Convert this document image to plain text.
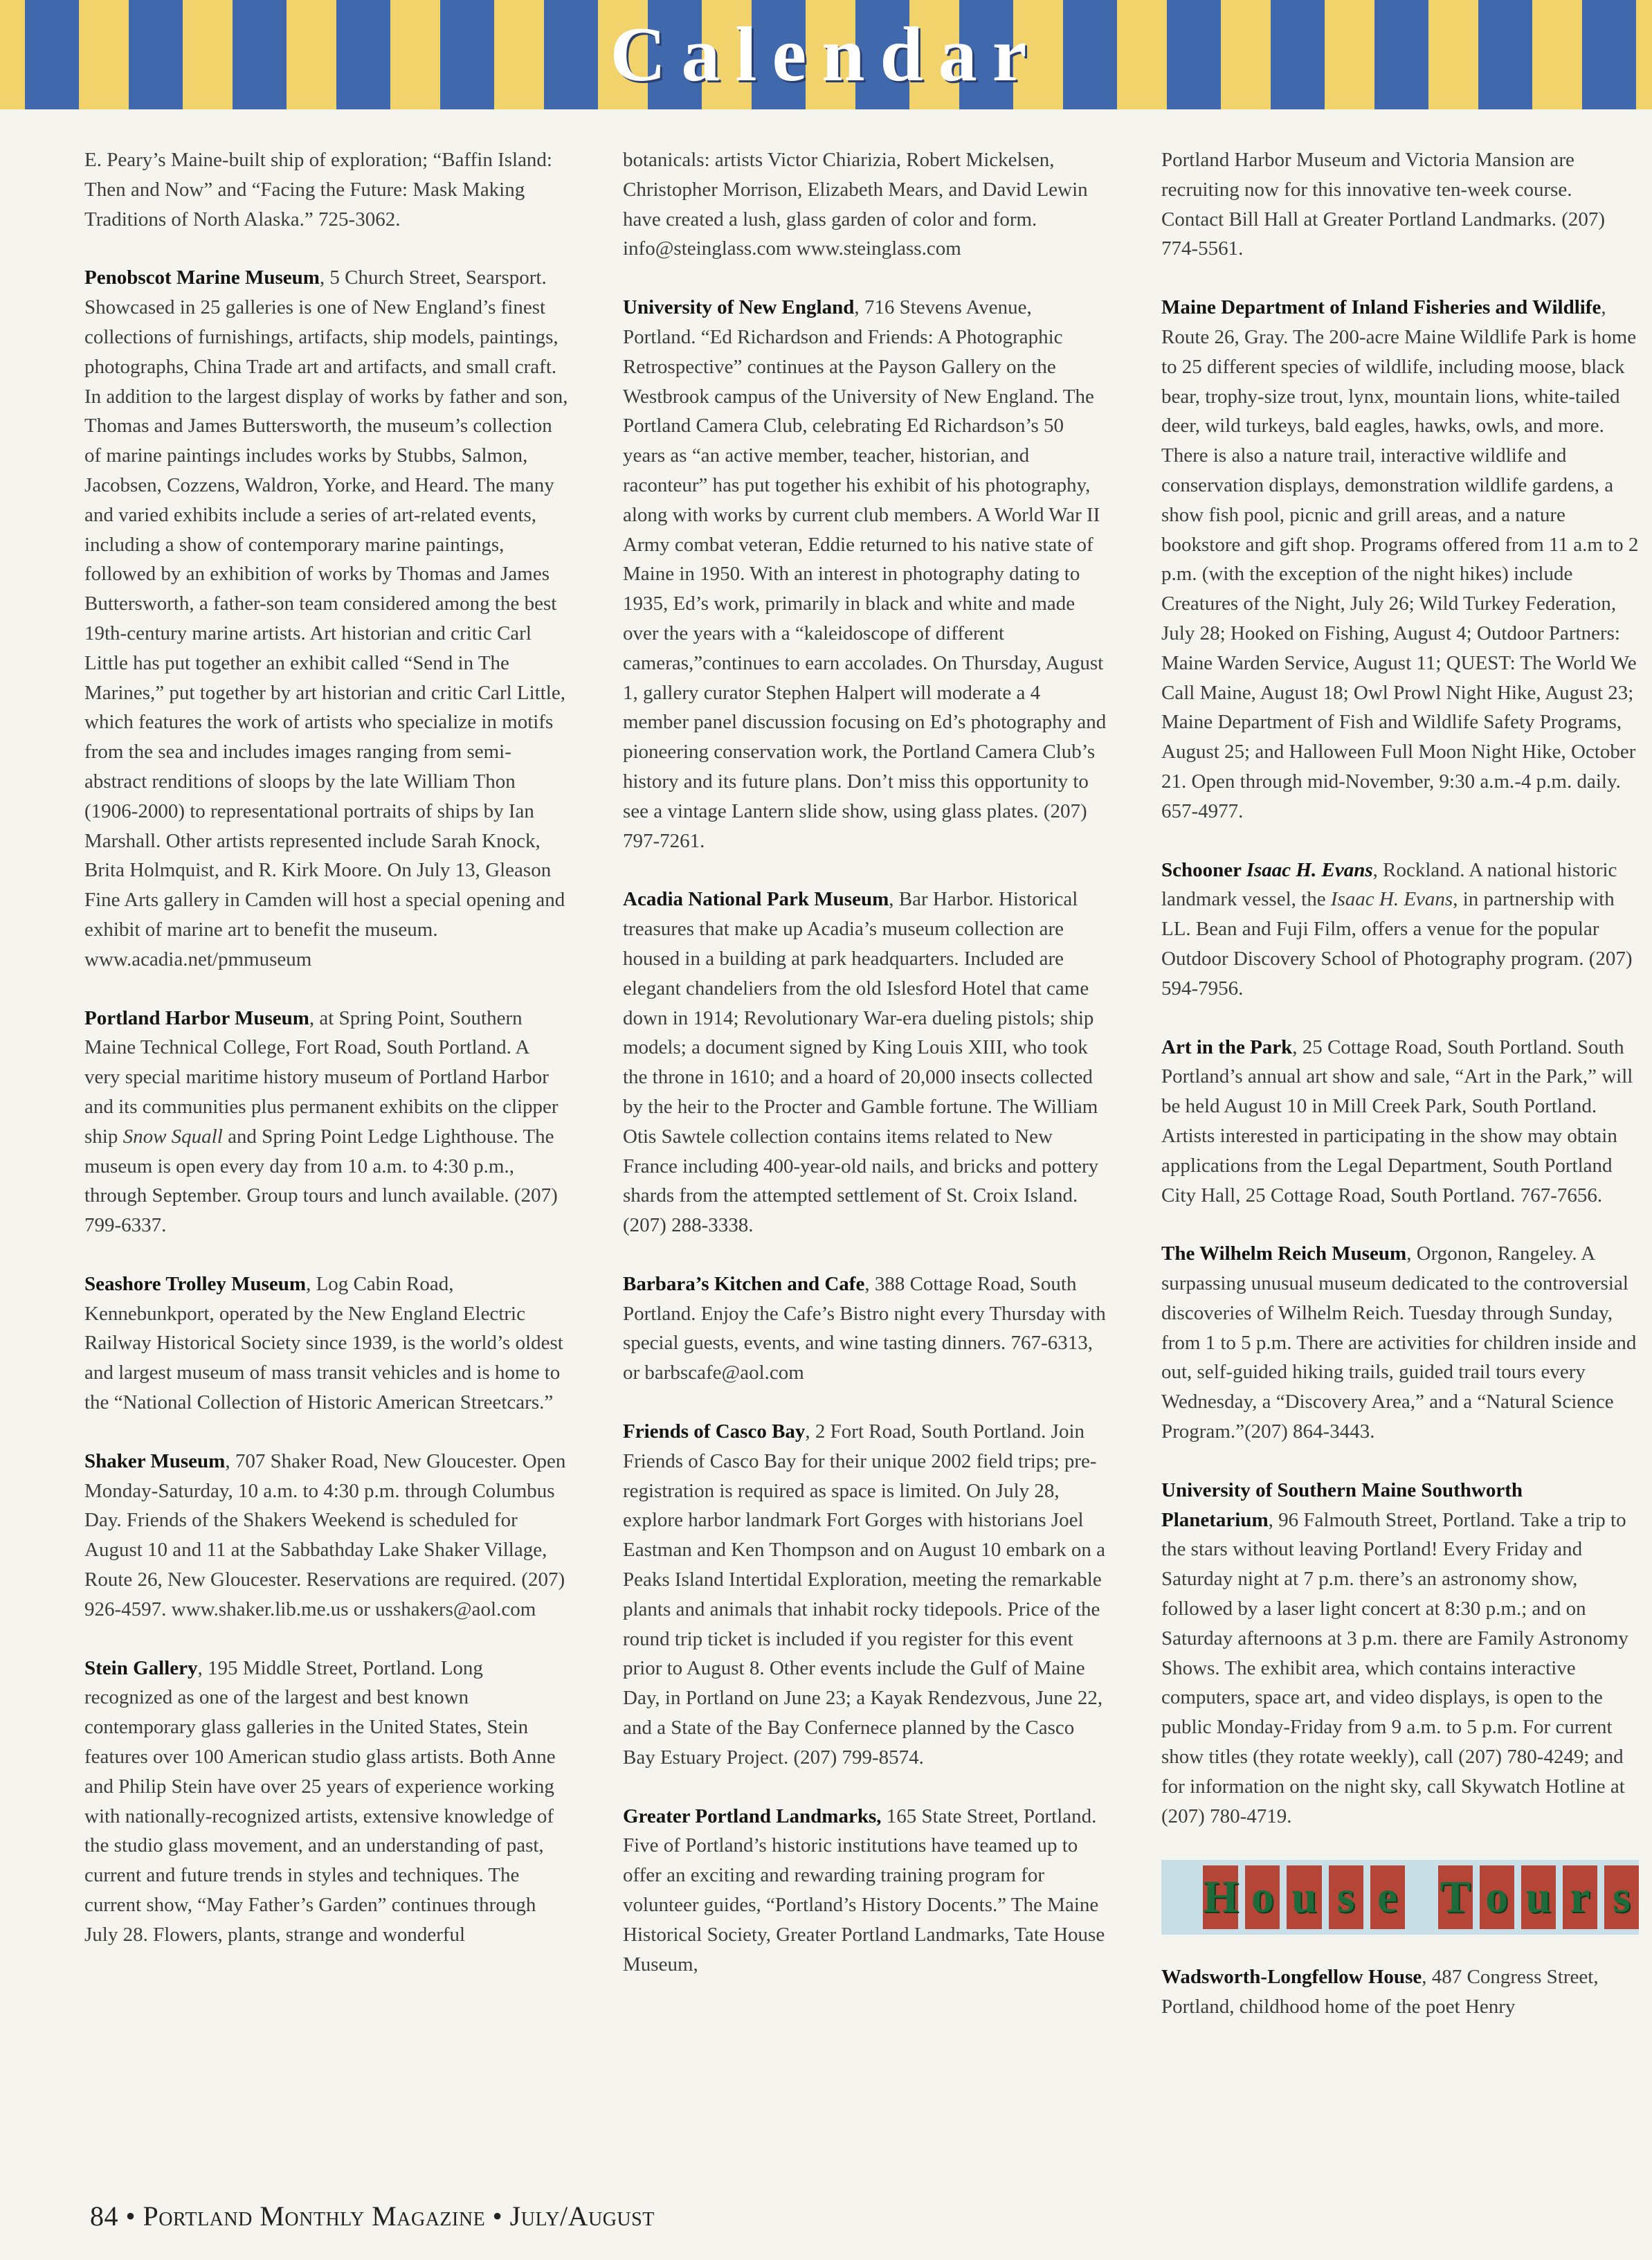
Calendar

E. Peary’s Maine-built ship of exploration; “Baffin Island: Then and Now” and “Facing the Future: Mask Making Traditions of North Alaska.” 725-3062.

Penobscot Marine Museum, 5 Church Street, Searsport. Showcased in 25 galleries is one of New England’s finest collections of furnishings, artifacts, ship models, paintings, photographs, China Trade art and artifacts, and small craft. In addition to the largest display of works by father and son, Thomas and James Buttersworth, the museum’s collection of marine paintings includes works by Stubbs, Salmon, Jacobsen, Cozzens, Waldron, Yorke, and Heard. The many and varied exhibits include a series of art-related events, including a show of contemporary marine paintings, followed by an exhibition of works by Thomas and James Buttersworth, a father-son team considered among the best 19th-century marine artists. Art historian and critic Carl Little has put together an exhibit called “Send in The Marines,” put together by art historian and critic Carl Little, which features the work of artists who specialize in motifs from the sea and includes images ranging from semi-abstract renditions of sloops by the late William Thon (1906-2000) to representational portraits of ships by Ian Marshall. Other artists represented include Sarah Knock, Brita Holmquist, and R. Kirk Moore. On July 13, Gleason Fine Arts gallery in Camden will host a special opening and exhibit of marine art to benefit the museum. www.acadia.net/pmmuseum

Portland Harbor Museum, at Spring Point, Southern Maine Technical College, Fort Road, South Portland. A very special maritime history museum of Portland Harbor and its communities plus permanent exhibits on the clipper ship Snow Squall and Spring Point Ledge Lighthouse. The museum is open every day from 10 a.m. to 4:30 p.m., through September. Group tours and lunch available. (207) 799-6337.

Seashore Trolley Museum, Log Cabin Road, Kennebunkport, operated by the New England Electric Railway Historical Society since 1939, is the world’s oldest and largest museum of mass transit vehicles and is home to the “National Collection of Historic American Streetcars.”

Shaker Museum, 707 Shaker Road, New Gloucester. Open Monday-Saturday, 10 a.m. to 4:30 p.m. through Columbus Day. Friends of the Shakers Weekend is scheduled for August 10 and 11 at the Sabbathday Lake Shaker Village, Route 26, New Gloucester. Reservations are required. (207) 926-4597. www.shaker.lib.me.us or usshakers@aol.com

Stein Gallery, 195 Middle Street, Portland. Long recognized as one of the largest and best known contemporary glass galleries in the United States, Stein features over 100 American studio glass artists. Both Anne and Philip Stein have over 25 years of experience working with nationally-recognized artists, extensive knowledge of the studio glass movement, and an understanding of past, current and future trends in styles and techniques. The current show, “May Father’s Garden” continues through July 28. Flowers, plants, strange and wonderful

botanicals: artists Victor Chiarizia, Robert Mickelsen, Christopher Morrison, Elizabeth Mears, and David Lewin have created a lush, glass garden of color and form. info@steinglass.com www.steinglass.com

University of New England, 716 Stevens Avenue, Portland. “Ed Richardson and Friends: A Photographic Retrospective” continues at the Payson Gallery on the Westbrook campus of the University of New England. The Portland Camera Club, celebrating Ed Richardson’s 50 years as “an active member, teacher, historian, and raconteur” has put together his exhibit of his photography, along with works by current club members. A World War II Army combat veteran, Eddie returned to his native state of Maine in 1950. With an interest in photography dating to 1935, Ed’s work, primarily in black and white and made over the years with a “kaleidoscope of different cameras,”continues to earn accolades. On Thursday, August 1, gallery curator Stephen Halpert will moderate a 4 member panel discussion focusing on Ed’s photography and pioneering conservation work, the Portland Camera Club’s history and its future plans. Don’t miss this opportunity to see a vintage Lantern slide show, using glass plates. (207) 797-7261.

Acadia National Park Museum, Bar Harbor. Historical treasures that make up Acadia’s museum collection are housed in a building at park headquarters. Included are elegant chandeliers from the old Islesford Hotel that came down in 1914; Revolutionary War-era dueling pistols; ship models; a document signed by King Louis XIII, who took the throne in 1610; and a hoard of 20,000 insects collected by the heir to the Procter and Gamble fortune. The William Otis Sawtele collection contains items related to New France including 400-year-old nails, and bricks and pottery shards from the attempted settlement of St. Croix Island. (207) 288-3338.

Barbara’s Kitchen and Cafe, 388 Cottage Road, South Portland. Enjoy the Cafe’s Bistro night every Thursday with special guests, events, and wine tasting dinners. 767-6313, or barbscafe@aol.com

Friends of Casco Bay, 2 Fort Road, South Portland. Join Friends of Casco Bay for their unique 2002 field trips; pre-registration is required as space is limited. On July 28, explore harbor landmark Fort Gorges with historians Joel Eastman and Ken Thompson and on August 10 embark on a Peaks Island Intertidal Exploration, meeting the remarkable plants and animals that inhabit rocky tidepools. Price of the round trip ticket is included if you register for this event prior to August 8. Other events include the Gulf of Maine Day, in Portland on June 23; a Kayak Rendezvous, June 22, and a State of the Bay Confernece planned by the Casco Bay Estuary Project. (207) 799-8574.

Greater Portland Landmarks, 165 State Street, Portland. Five of Portland’s historic institutions have teamed up to offer an exciting and rewarding training program for volunteer guides, “Portland’s History Docents.” The Maine Historical Society, Greater Portland Landmarks, Tate House Museum,

Portland Harbor Museum and Victoria Mansion are recruiting now for this innovative ten-week course. Contact Bill Hall at Greater Portland Landmarks. (207) 774-5561.

Maine Department of Inland Fisheries and Wildlife, Route 26, Gray. The 200-acre Maine Wildlife Park is home to 25 different species of wildlife, including moose, black bear, trophy-size trout, lynx, mountain lions, white-tailed deer, wild turkeys, bald eagles, hawks, owls, and more. There is also a nature trail, interactive wildlife and conservation displays, demonstration wildlife gardens, a show fish pool, picnic and grill areas, and a nature bookstore and gift shop. Programs offered from 11 a.m to 2 p.m. (with the exception of the night hikes) include Creatures of the Night, July 26; Wild Turkey Federation, July 28; Hooked on Fishing, August 4; Outdoor Partners: Maine Warden Service, August 11; QUEST: The World We Call Maine, August 18; Owl Prowl Night Hike, August 23; Maine Department of Fish and Wildlife Safety Programs, August 25; and Halloween Full Moon Night Hike, October 21. Open through mid-November, 9:30 a.m.-4 p.m. daily. 657-4977.

Schooner Isaac H. Evans, Rockland. A national historic landmark vessel, the Isaac H. Evans, in partnership with LL. Bean and Fuji Film, offers a venue for the popular Outdoor Discovery School of Photography program. (207) 594-7956.

Art in the Park, 25 Cottage Road, South Portland. South Portland’s annual art show and sale, “Art in the Park,” will be held August 10 in Mill Creek Park, South Portland. Artists interested in participating in the show may obtain applications from the Legal Department, South Portland City Hall, 25 Cottage Road, South Portland. 767-7656.

The Wilhelm Reich Museum, Orgonon, Rangeley. A surpassing unusual museum dedicated to the controversial discoveries of Wilhelm Reich. Tuesday through Sunday, from 1 to 5 p.m. There are activities for children inside and out, self-guided hiking trails, guided trail tours every Wednesday, a “Discovery Area,” and a “Natural Science Program.”(207) 864-3443.

University of Southern Maine Southworth Planetarium, 96 Falmouth Street, Portland. Take a trip to the stars without leaving Portland! Every Friday and Saturday night at 7 p.m. there’s an astronomy show, followed by a laser light concert at 8:30 p.m.; and on Saturday afternoons at 3 p.m. there are Family Astronomy Shows. The exhibit area, which contains interactive computers, space art, and video displays, is open to the public Monday-Friday from 9 a.m. to 5 p.m. For current show titles (they rotate weekly), call (207) 780-4249; and for information on the night sky, call Skywatch Hotline at (207) 780-4719.

H o u s e T o u r s

Wadsworth-Longfellow House, 487 Congress Street, Portland, childhood home of the poet Henry

84 • Portland Monthly Magazine • July/August
